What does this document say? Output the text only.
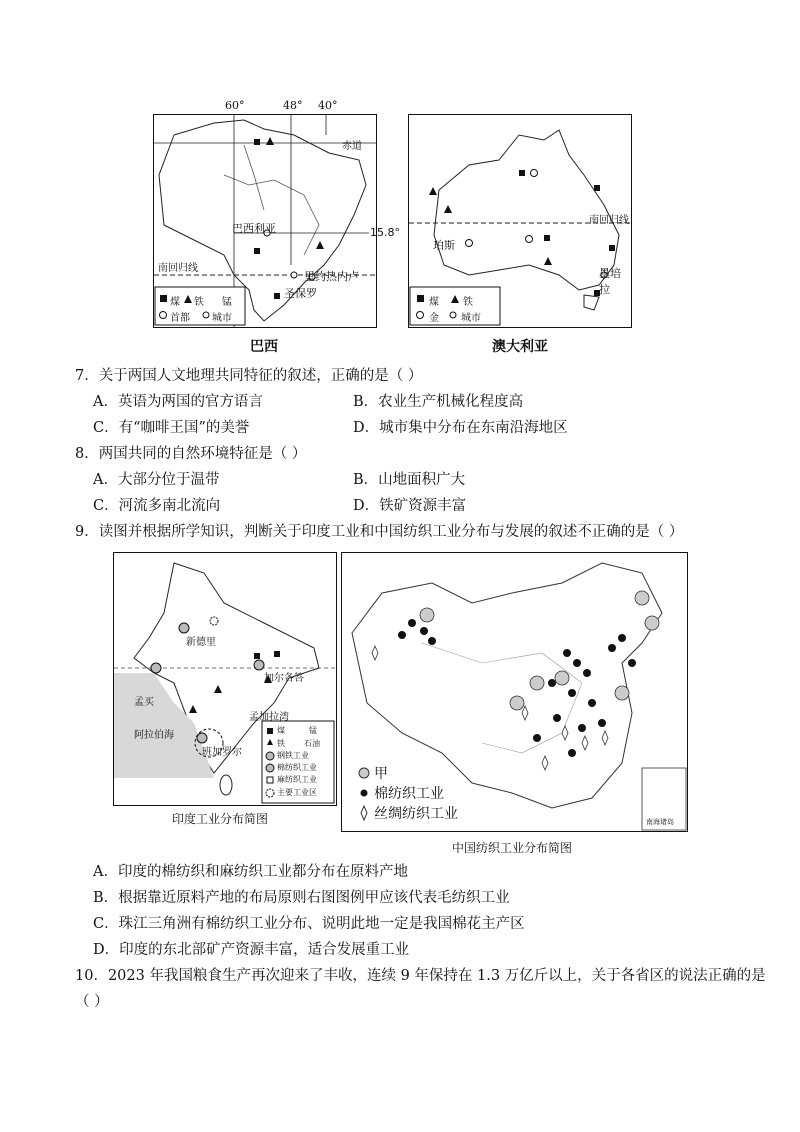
60°	48° 40°
赤道
巴西利亚	15.8°
南回归线
里约热内卢
圣保罗
煤 铁 锰
首都 城市
巴西
南回归线
珀斯
墨培拉
煤 铁
金 城市
澳大利亚
7．关于两国人文地理共同特征的叙述，正确的是（ ）
A．英语为两国的官方语言	B．农业生产机械化程度高
C．有“咖啡王国”的美誉	D．城市集中分布在东南沿海地区
8．两国共同的自然环境特征是（ ）
A．大部分位于温带	B．山地面积广大
C．河流多南北流向	D．铁矿资源丰富
9．读图并根据所学知识，判断关于印度工业和中国纺织工业分布与发展的叙述不正确的是（ ）
新德里
加尔各答
孟买
阿拉伯海
孟加拉湾
班加罗尔
煤	锰
铁 石油
钢铁工业
棉纺织工业
麻纺织工业
主要工业区
印度工业分布简图
甲
棉纺织工业
丝绸纺织工业	南海诸岛
中国纺织工业分布简图
A．印度的棉纺织和麻纺织工业都分布在原料产地
B．根据靠近原料产地的布局原则右图图例甲应该代表毛纺织工业
C．珠江三角洲有棉纺织工业分布、说明此地一定是我国棉花主产区
D．印度的东北部矿产资源丰富，适合发展重工业
10．2023 年我国粮食生产再次迎来了丰收，连续 9 年保持在 1.3 万亿斤以上，关于各省区的说法正确的是
（ ）
